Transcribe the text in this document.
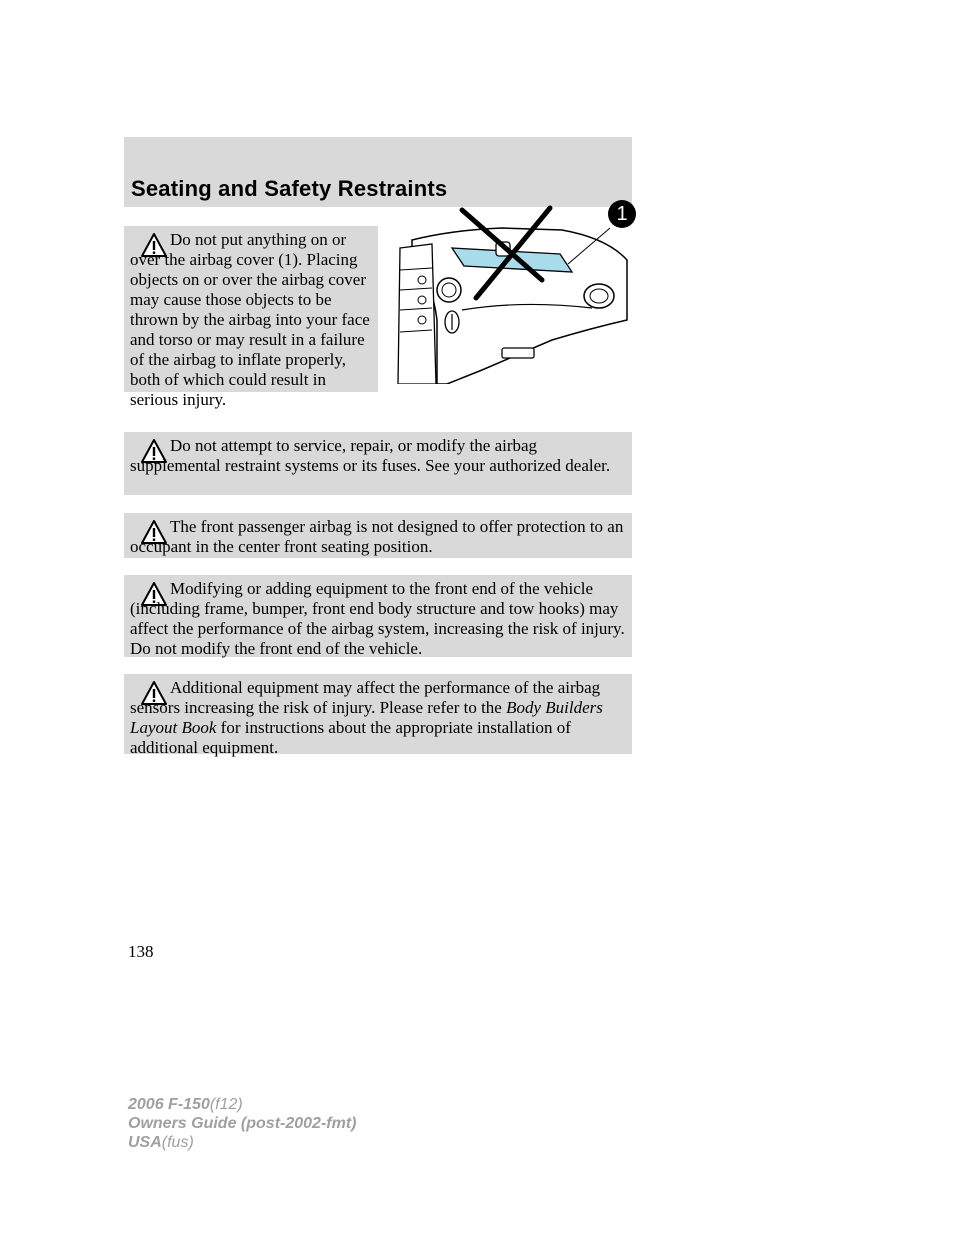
Seating and Safety Restraints
Do not put anything on or over the airbag cover (1). Placing objects on or over the airbag cover may cause those objects to be thrown by the airbag into your face and torso or may result in a failure of the airbag to inflate properly, both of which could result in serious injury.
1
Do not attempt to service, repair, or modify the airbag supplemental restraint systems or its fuses. See your authorized dealer.
The front passenger airbag is not designed to offer protection to an occupant in the center front seating position.
Modifying or adding equipment to the front end of the vehicle (including frame, bumper, front end body structure and tow hooks) may affect the performance of the airbag system, increasing the risk of injury. Do not modify the front end of the vehicle.
Additional equipment may affect the performance of the airbag sensors increasing the risk of injury. Please refer to the Body Builders Layout Book for instructions about the appropriate installation of additional equipment.
138
2006 F-150(f12)
Owners Guide (post-2002-fmt)
USA(fus)
